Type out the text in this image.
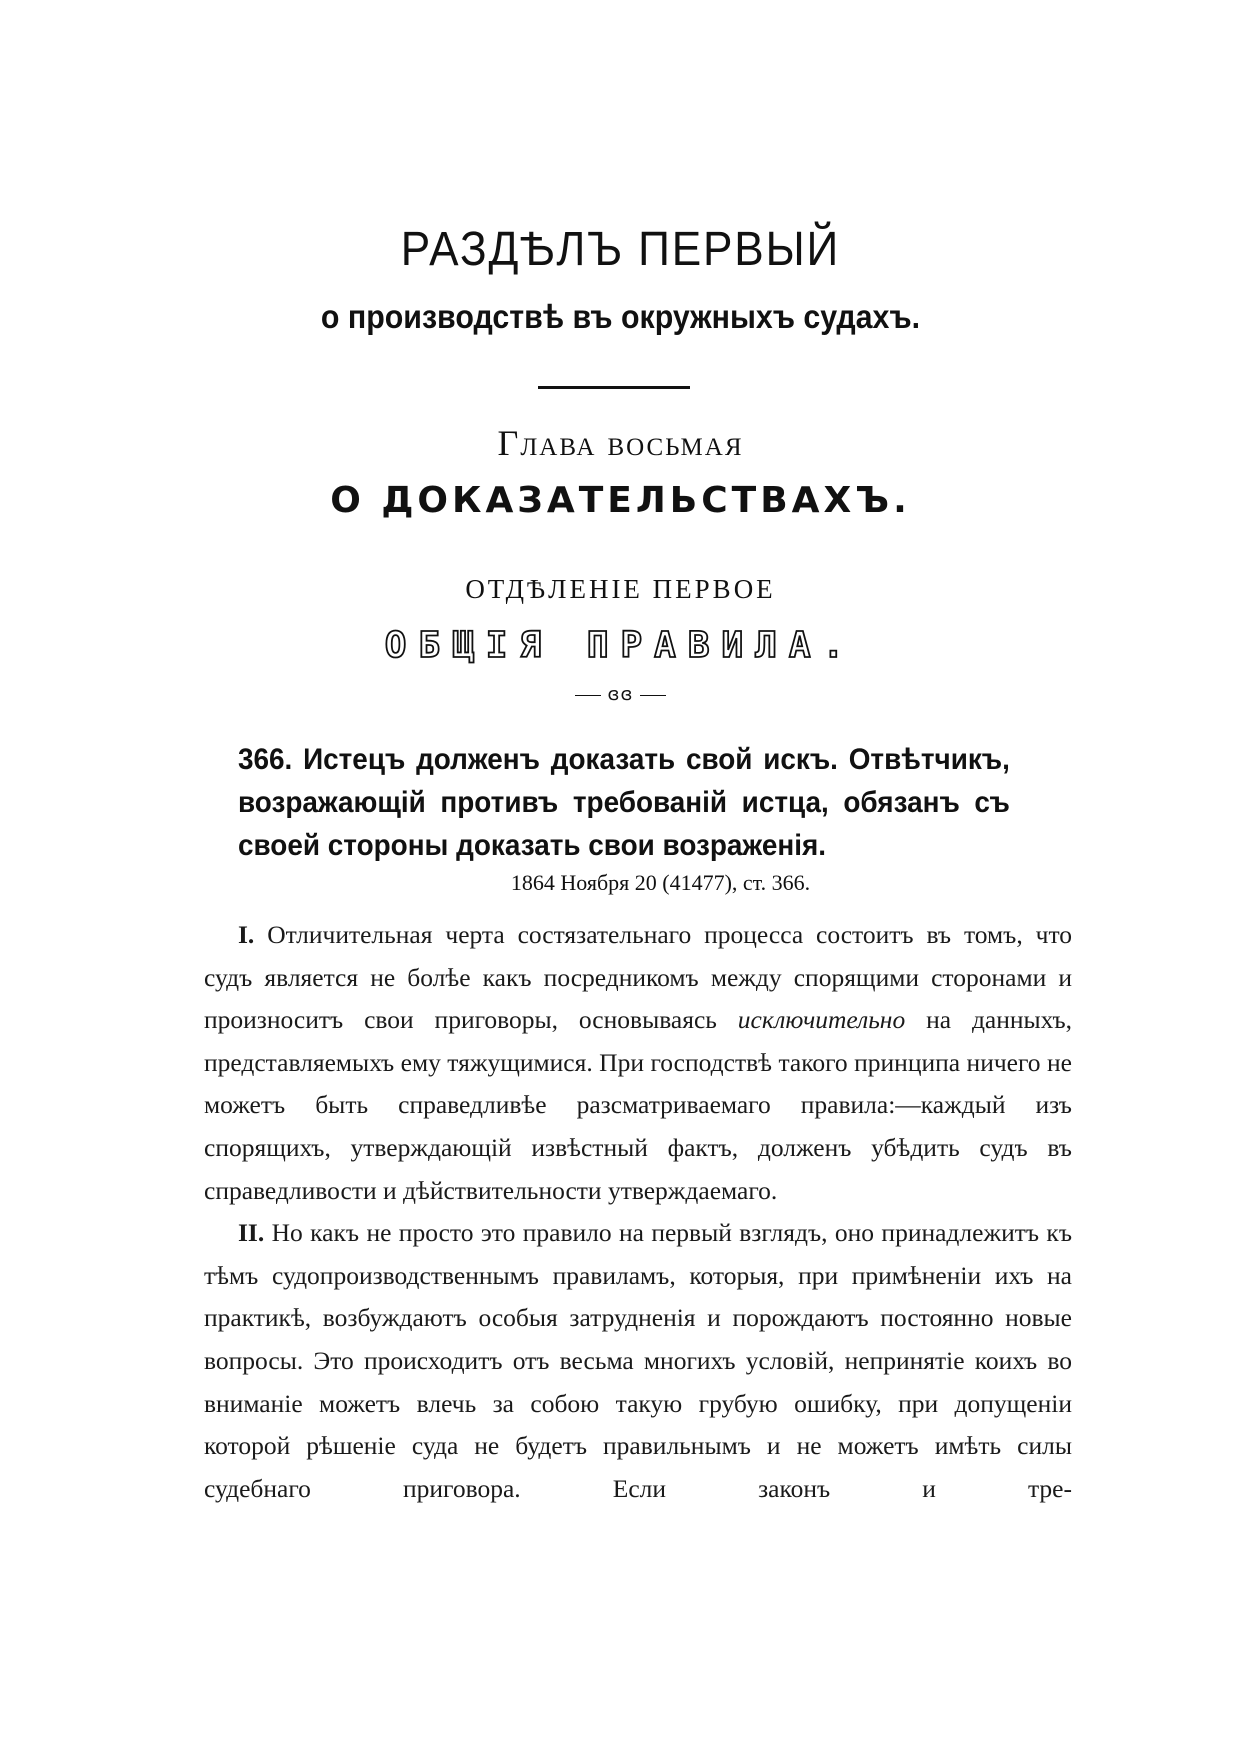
РАЗДѢЛЪ ПЕРВЫЙ
о производствѣ въ окружныхъ судахъ.
Глава восьмая
О ДОКАЗАТЕЛЬСТВАХЪ.
ОТДѢЛЕНІЕ ПЕРВОЕ
ОБЩІЯ ПРАВИЛА.
ɞɞ
366. Истецъ долженъ доказать свой искъ. Отвѣтчикъ, возражающій противъ требованій истца, обязанъ съ своей стороны доказать свои возраженія.
1864 Ноября 20 (41477), ст. 366.

I. Отличительная черта состязательнаго процесса состоитъ въ томъ, что судъ является не болѣе какъ посредникомъ между спорящими сторонами и произноситъ свои приговоры, основываясь исключительно на данныхъ, представляемыхъ ему тяжущимися. При господствѣ такого принципа ничего не можетъ быть справедливѣе разсматриваемаго правила:—каждый изъ спорящихъ, утверждающій извѣстный фактъ, долженъ убѣдить судъ въ справедливости и дѣйствительности утверждаемаго.

II. Но какъ не просто это правило на первый взглядъ, оно принадлежитъ къ тѣмъ судопроизводственнымъ правиламъ, которыя, при примѣненіи ихъ на практикѣ, возбуждаютъ особыя затрудненія и порождаютъ постоянно новые вопросы. Это происходитъ отъ весьма многихъ условій, непринятіе коихъ во вниманіе можетъ влечь за собою такую грубую ошибку, при допущеніи которой рѣшеніе суда не будетъ правильнымъ и не можетъ имѣть силы судебнаго приговора. Если законъ и тре-
